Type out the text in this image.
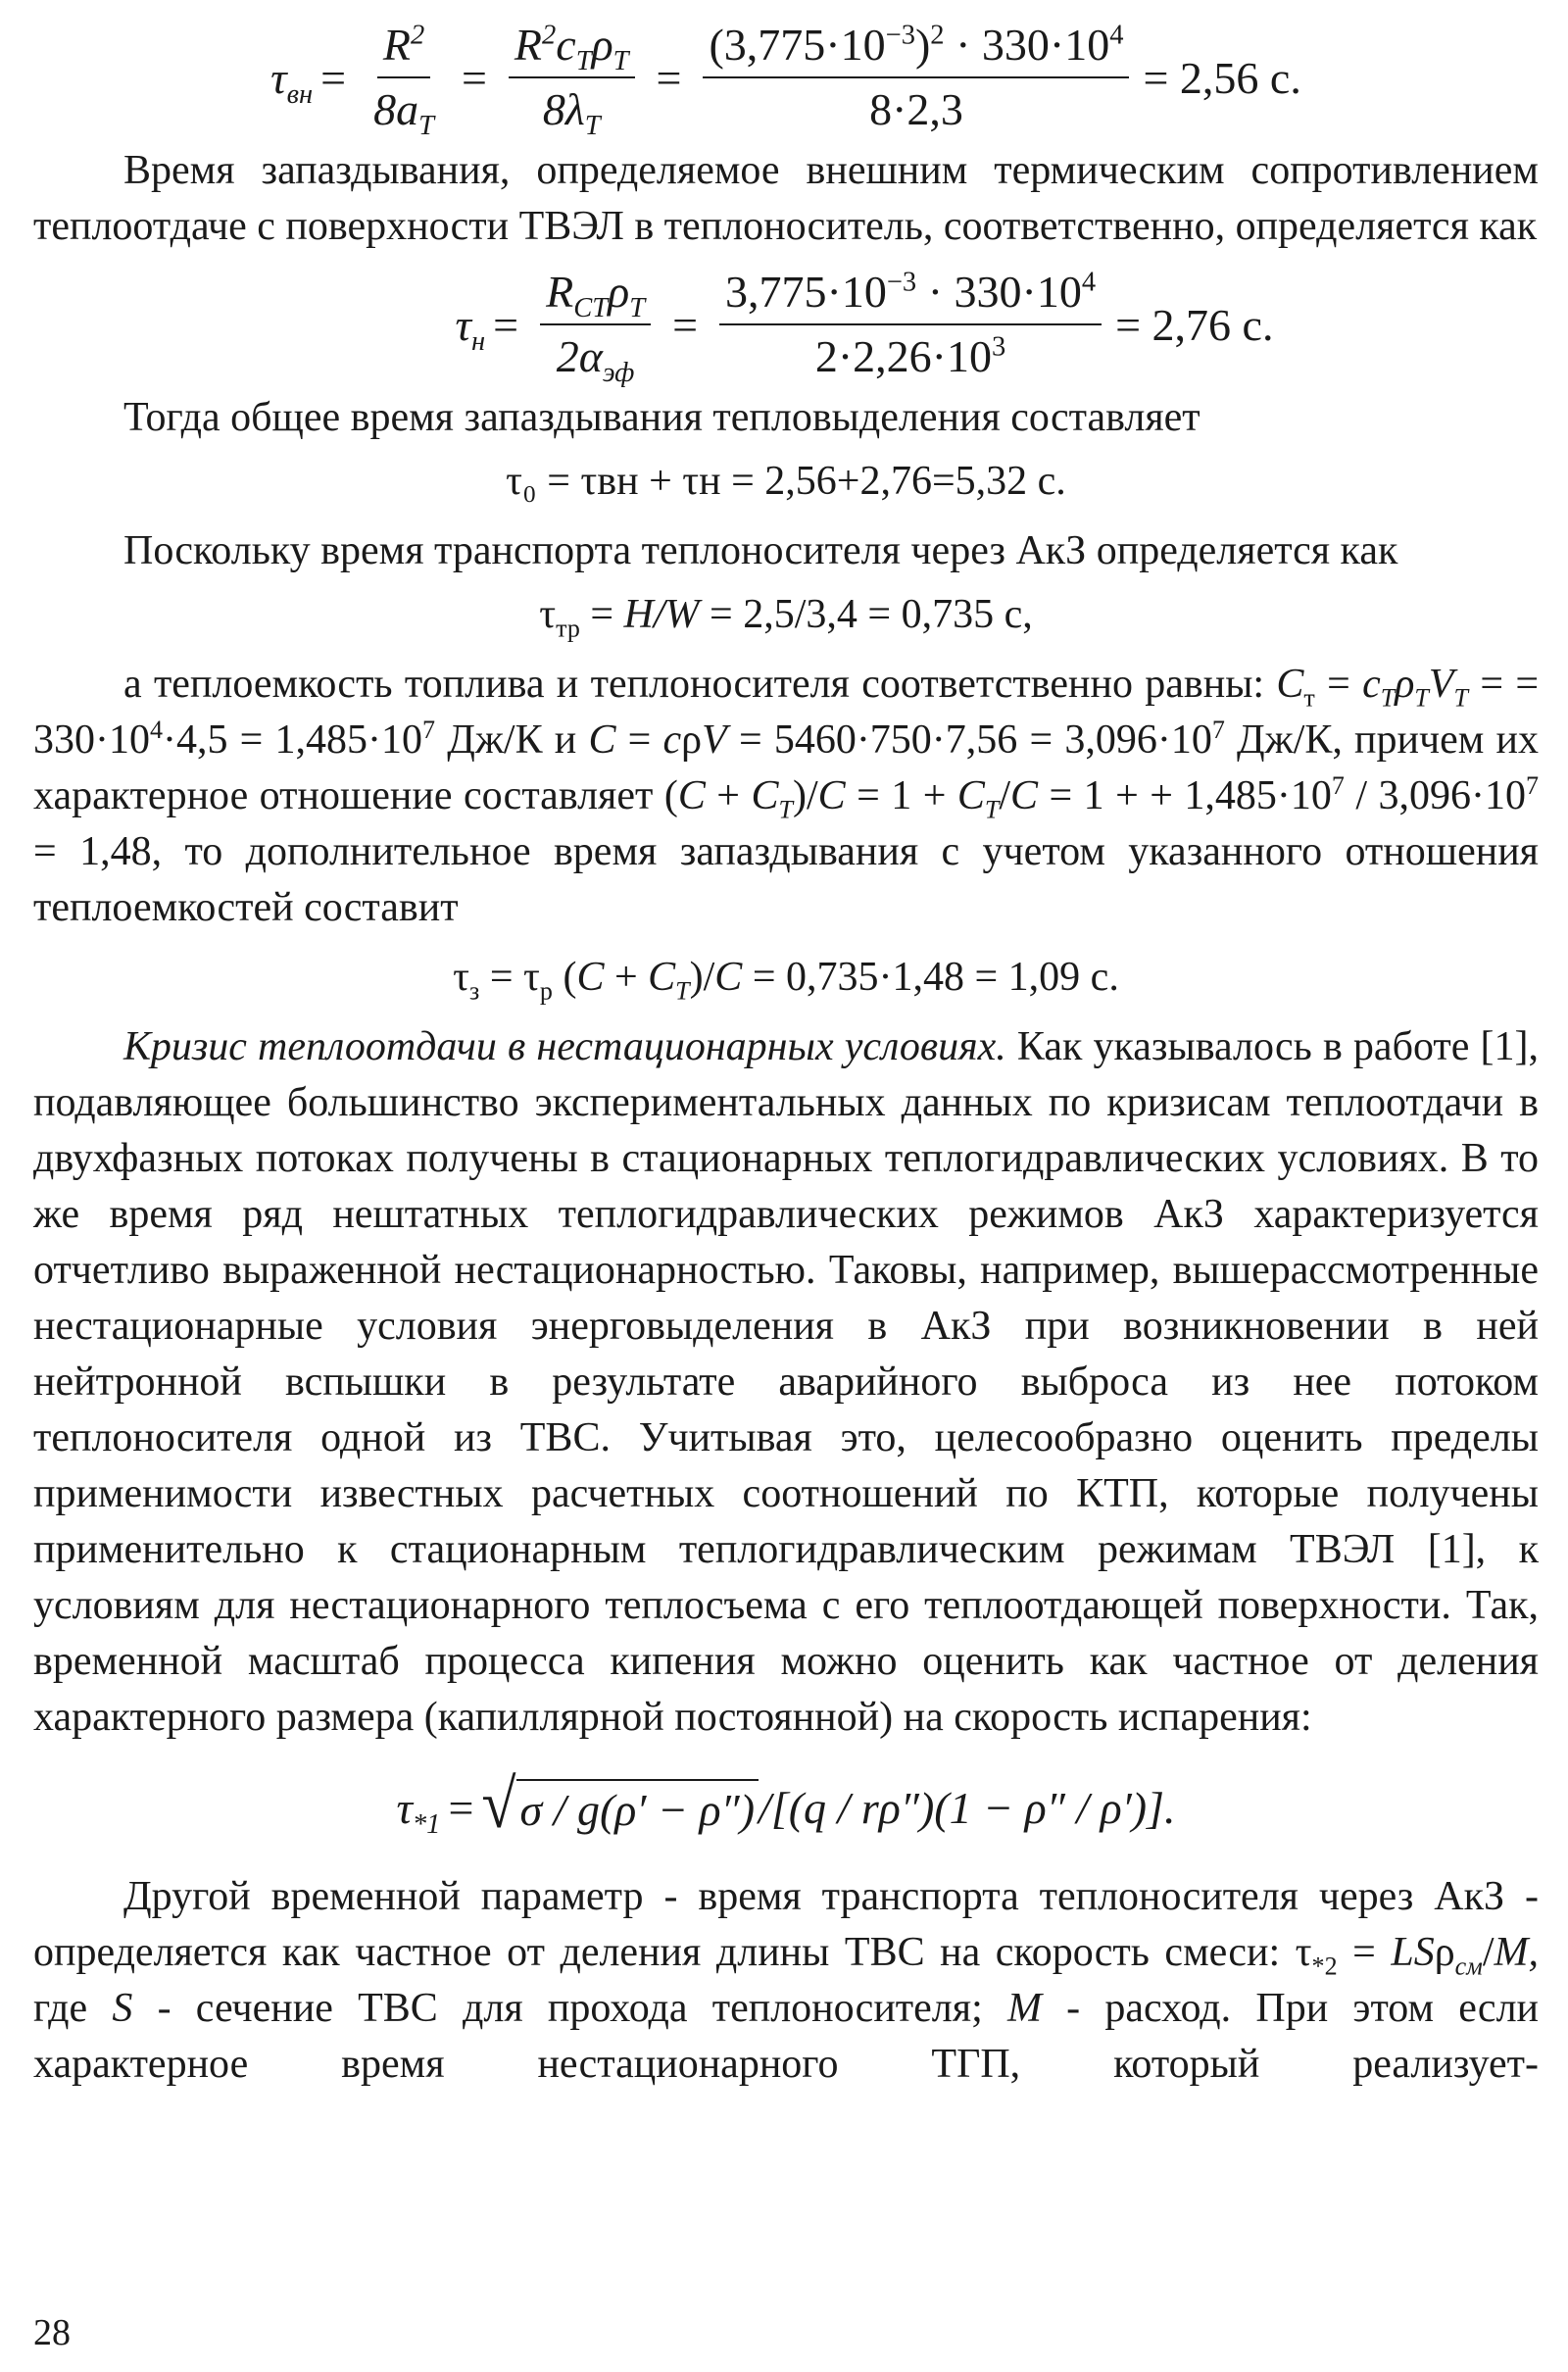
$\tau_{вн} = \frac{R^2}{8a_T} = \frac{R^2c_T\rho_T}{8\lambda_T} = \frac{(3,775\cdot 10^{-3})^2 \cdot 330\cdot 10^4}{8\cdot 2,3} = 2,56$ с.

Время запаздывания, определяемое внешним термическим сопротивлением теплоотдаче с поверхности ТВЭЛ в теплоноситель, соответственно, определяется как

$\tau_н = \frac{R_{CT}\rho_T}{2\alpha_{эф}} = \frac{3,775\cdot 10^{-3} \cdot 330\cdot 10^4}{2\cdot 2,26\cdot 10^3} = 2,76$ с.

Тогда общее время запаздывания тепловыделения составляет

τ₀ = τвн + τн = 2,56+2,76=5,32 с.

Поскольку время транспорта теплоносителя через АкЗ определяется как

$\tau_{тр} = H/W = 2,5/3,4 = 0,735$ с,

а теплоемкость топлива и теплоносителя соответственно равны: $C_т = c_T\rho_TV_T$ = = $330\cdot 10^4\cdot 4,5 = 1,485\cdot 10^7$ Дж/К и $C = c\rho V = 5460\cdot 750\cdot 7,56 = 3,096\cdot 10^7$ Дж/К, причем их характерное отношение составляет $(C + C_T)/C = 1 + C_T/C = 1$ + + $1,485\cdot 10^7 / 3,096\cdot 10^7 = 1,48$, то дополнительное время запаздывания с учетом указанного отношения теплоемкостей составит

$\tau_з = \tau_р$ $(C + C_T)/C = 0,735\cdot 1,48 = 1,09$ с.

Кризис теплоотдачи в нестационарных условиях. Как указывалось в работе [1], подавляющее большинство экспериментальных данных по кризисам теплоотдачи в двухфазных потоках получены в стационарных теплогидравлических условиях. В то же время ряд нештатных теплогидравлических режимов АкЗ характеризуется отчетливо выраженной нестационарностью. Таковы, например, вышерассмотренные нестационарные условия энерговыделения в АкЗ при возникновении в ней нейтронной вспышки в результате аварийного выброса из нее потоком теплоносителя одной из ТВС. Учитывая это, целесообразно оценить пределы применимости известных расчетных соотношений по КТП, которые получены применительно к стационарным теплогидравлическим режимам ТВЭЛ [1], к условиям для нестационарного теплосъема с его теплоотдающей поверхности. Так, временной масштаб процесса кипения можно оценить как частное от деления характерного размера (капиллярной постоянной) на скорость испарения:

$\tau_{*1}$ = √ σ / g(ρ′ − ρ″) /[(q / rρ″)(1 − ρ″ / ρ′)].

Другой временной параметр - время транспорта теплоносителя через АкЗ - определяется как частное от деления длины ТВС на скорость смеси: $\tau_{*2} = LS\rho_{см}/M$, где S - сечение ТВС для прохода теплоносителя; M - расход. При этом если характерное время нестационарного ТГП, который реализует-

28
